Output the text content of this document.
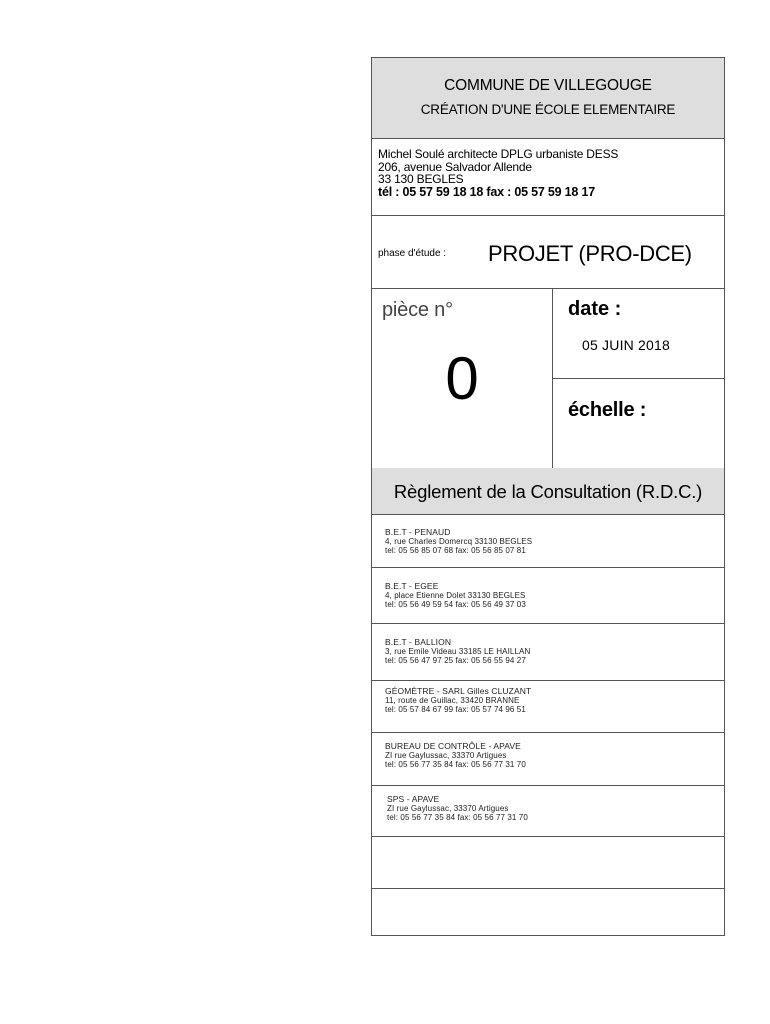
COMMUNE DE VILLEGOUGE
CRÉATION D'UNE ÉCOLE ELEMENTAIRE
Michel Soulé architecte DPLG urbaniste DESS
206, avenue Salvador Allende
33 130 BEGLES
tél : 05 57 59 18 18 fax : 05 57 59 18 17
phase d'étude : PROJET (PRO-DCE)
pièce n°
0
date :
05 JUIN 2018
échelle :
Règlement de la Consultation (R.D.C.)
B.E.T - PENAUD
4, rue Charles Domercq 33130 BEGLES
tel: 05 56 85 07 68 fax: 05 56 85 07 81
B.E.T - EGEE
4, place Etienne Dolet 33130 BEGLES
tel: 05 56 49 59 54 fax: 05 56 49 37 03
B.E.T - BALLION
3, rue Emile Videau 33185 LE HAILLAN
tel: 05 56 47 97 25 fax: 05 56 55 94 27
GÉOMÈTRE - SARL Gilles CLUZANT
11, route de Guillac, 33420 BRANNE
tel: 05 57 84 67 99 fax: 05 57 74 96 51
BUREAU DE CONTRÔLE - APAVE
ZI rue Gaylussac, 33370 Artigues
tel: 05 56 77 35 84 fax: 05 56 77 31 70
SPS - APAVE
ZI rue Gaylussac, 33370 Artigues
tel: 05 56 77 35 84 fax: 05 56 77 31 70
